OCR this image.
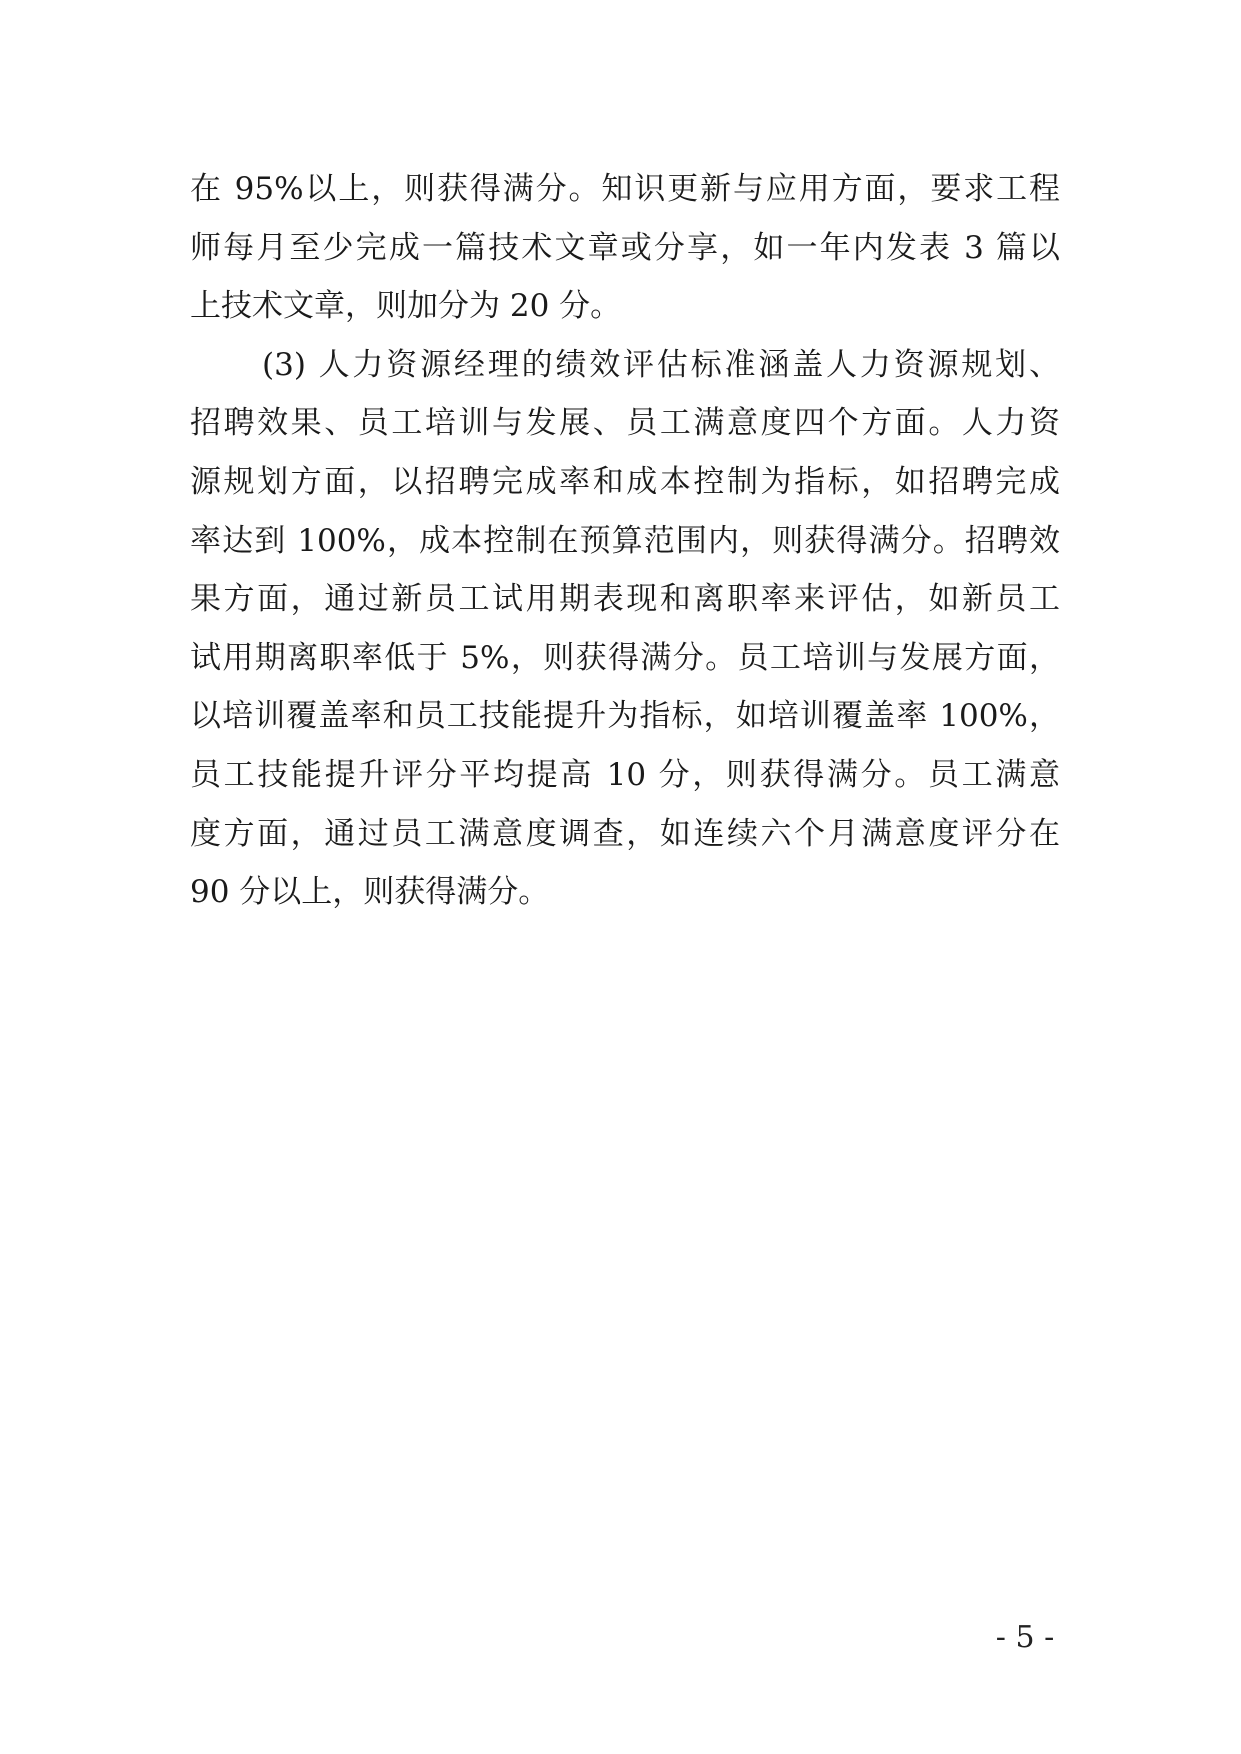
在 95%以上，则获得满分。知识更新与应用方面，要求工程
师每月至少完成一篇技术文章或分享，如一年内发表 3 篇以
上技术文章，则加分为 20 分。
(3) 人力资源经理的绩效评估标准涵盖人力资源规划、
招聘效果、员工培训与发展、员工满意度四个方面。人力资
源规划方面，以招聘完成率和成本控制为指标，如招聘完成
率达到 100%，成本控制在预算范围内，则获得满分。招聘效
果方面，通过新员工试用期表现和离职率来评估，如新员工
试用期离职率低于 5%，则获得满分。员工培训与发展方面，
以培训覆盖率和员工技能提升为指标，如培训覆盖率 100%，
员工技能提升评分平均提高 10 分，则获得满分。员工满意
度方面，通过员工满意度调查，如连续六个月满意度评分在
90 分以上，则获得满分。
- 5 -
